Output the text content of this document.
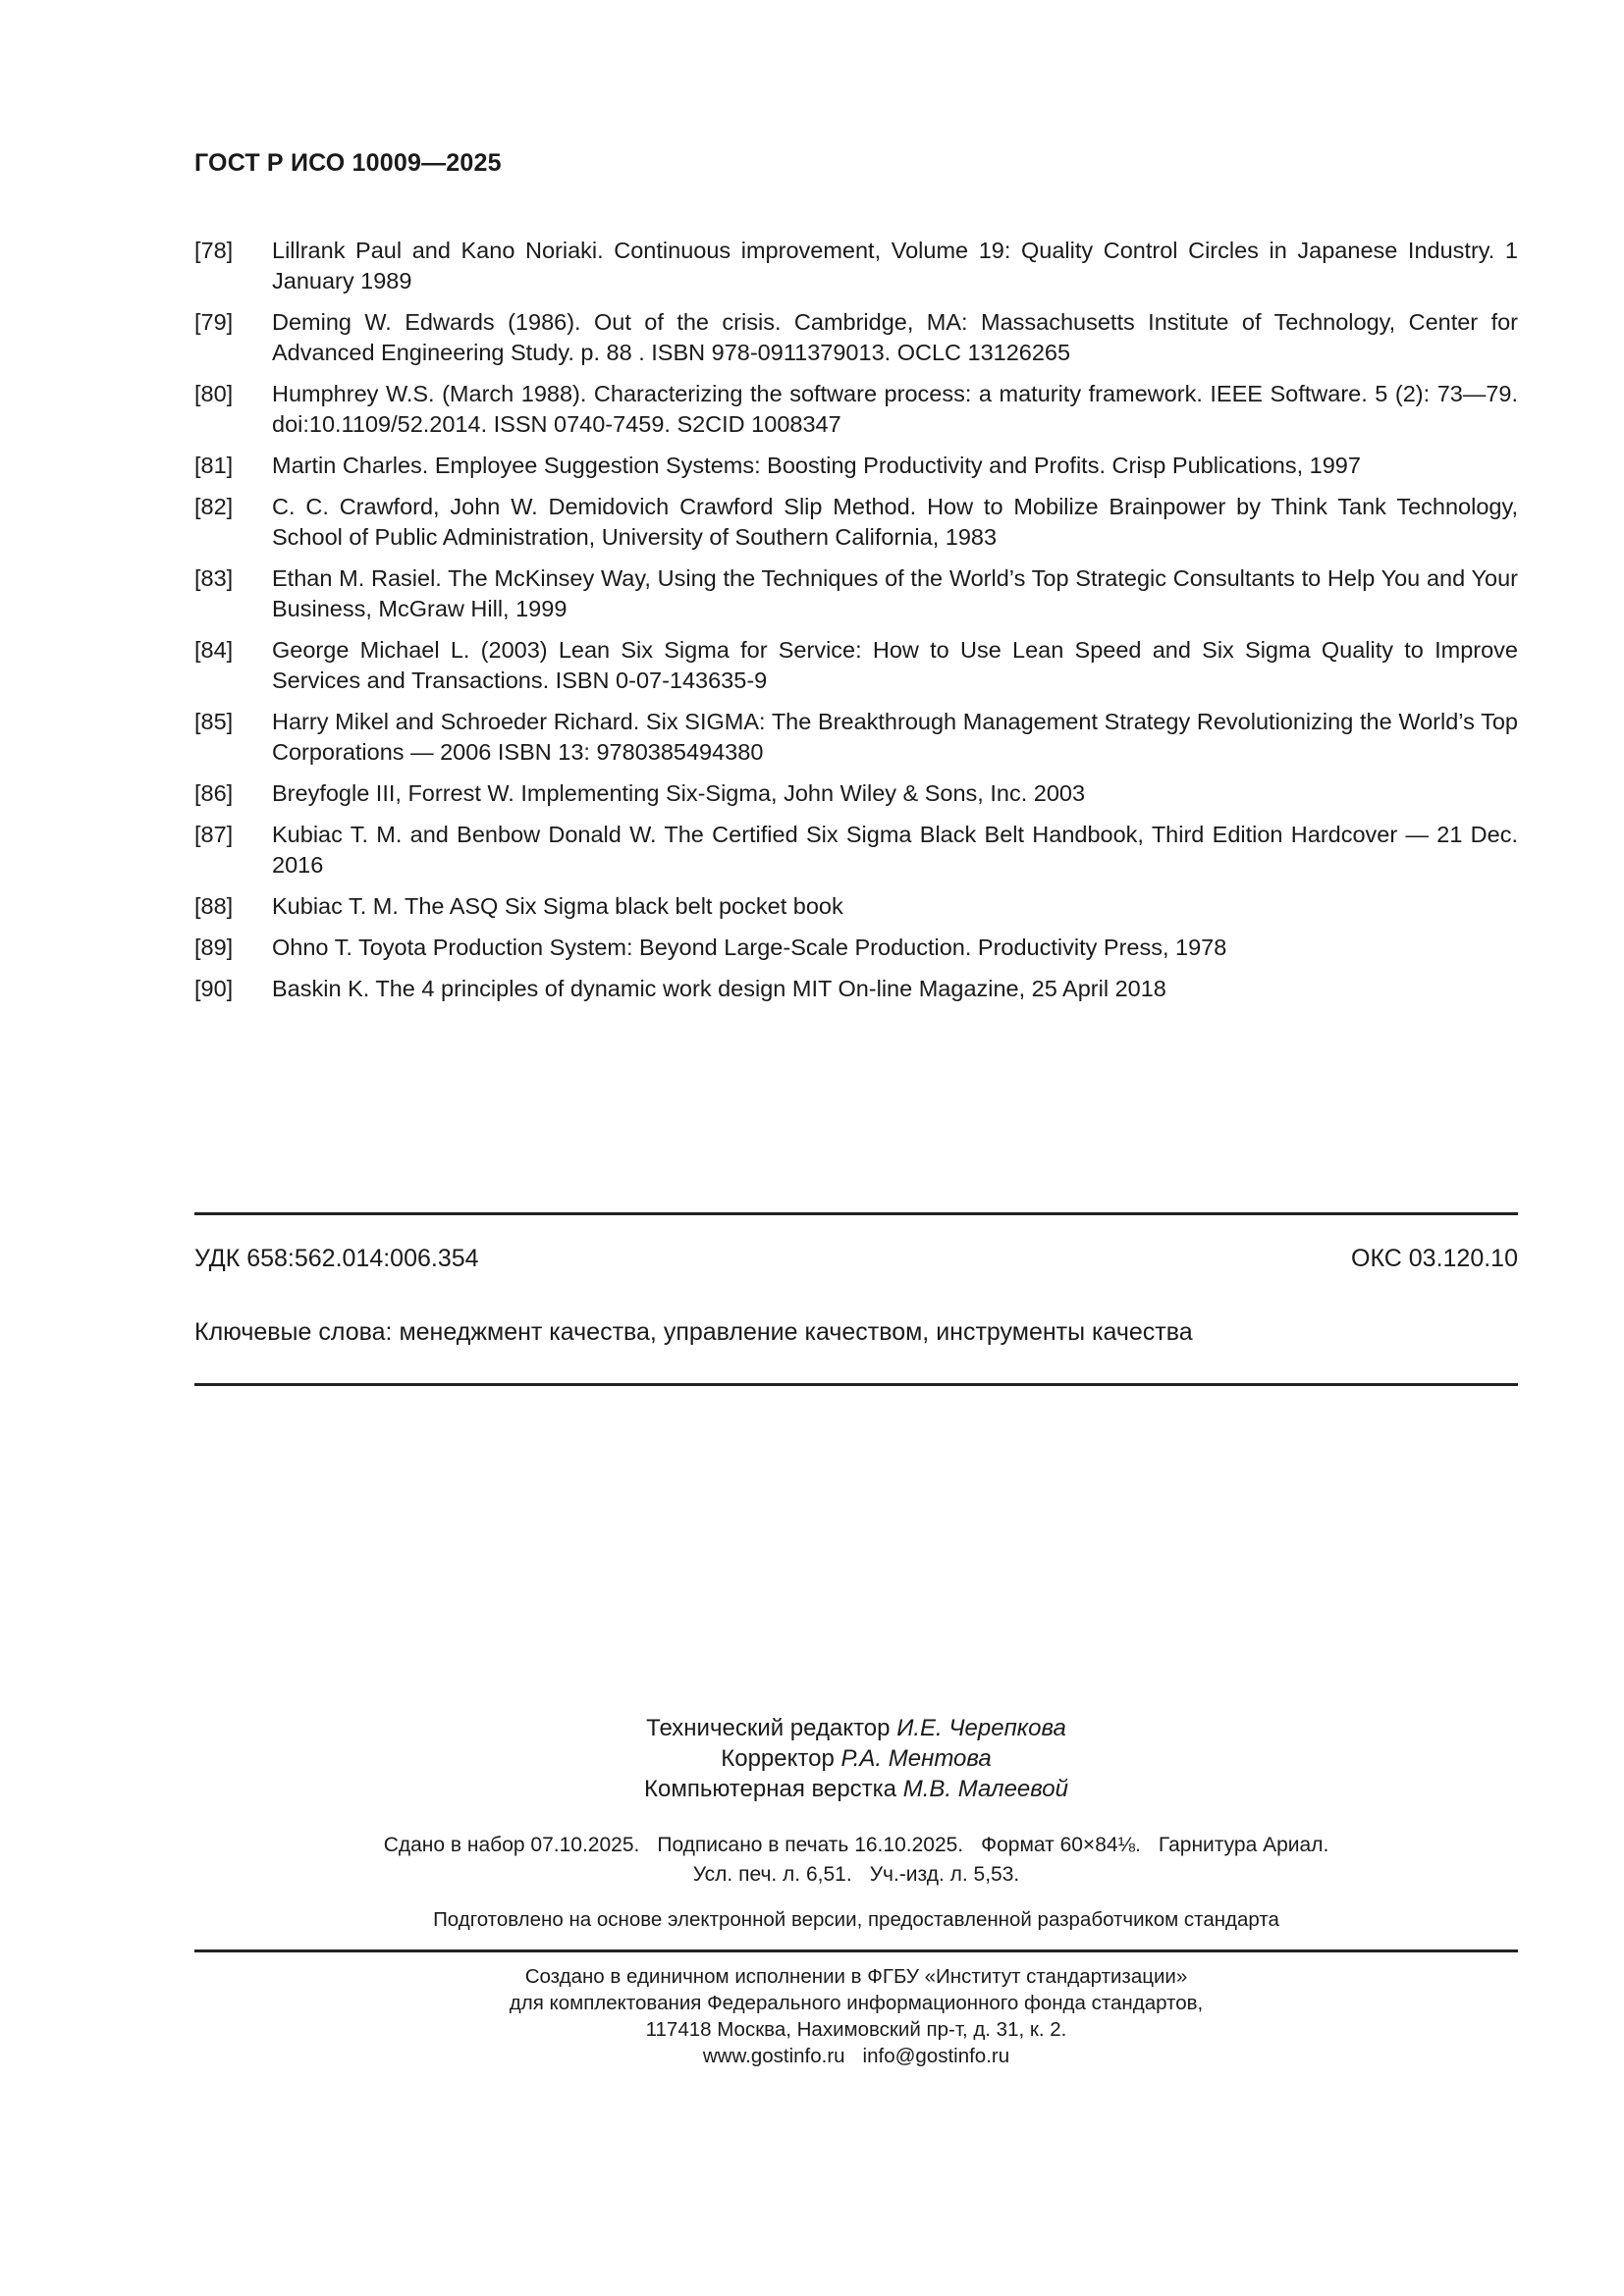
ГОСТ Р ИСО 10009—2025
[78] Lillrank Paul and Kano Noriaki. Continuous improvement, Volume 19: Quality Control Circles in Japanese Industry. 1 January 1989
[79] Deming W. Edwards (1986). Out of the crisis. Cambridge, MA: Massachusetts Institute of Technology, Center for Advanced Engineering Study. p. 88 . ISBN 978-0911379013. OCLC 13126265
[80] Humphrey W.S. (March 1988). Characterizing the software process: a maturity framework. IEEE Software. 5 (2): 73—79. doi:10.1109/52.2014. ISSN 0740-7459. S2CID 1008347
[81] Martin Charles. Employee Suggestion Systems: Boosting Productivity and Profits. Crisp Publications, 1997
[82] C. C. Crawford, John W. Demidovich Crawford Slip Method. How to Mobilize Brainpower by Think Tank Technology, School of Public Administration, University of Southern California, 1983
[83] Ethan M. Rasiel. The McKinsey Way, Using the Techniques of the World’s Top Strategic Consultants to Help You and Your Business, McGraw Hill, 1999
[84] George Michael L. (2003) Lean Six Sigma for Service: How to Use Lean Speed and Six Sigma Quality to Improve Services and Transactions. ISBN 0-07-143635-9
[85] Harry Mikel and Schroeder Richard. Six SIGMA: The Breakthrough Management Strategy Revolutionizing the World’s Top Corporations — 2006 ISBN 13: 9780385494380
[86] Breyfogle III, Forrest W. Implementing Six-Sigma, John Wiley & Sons, Inc. 2003
[87] Kubiac T. M. and Benbow Donald W. The Certified Six Sigma Black Belt Handbook, Third Edition Hardcover — 21 Dec. 2016
[88] Kubiac T. M. The ASQ Six Sigma black belt pocket book
[89] Ohno T. Toyota Production System: Beyond Large-Scale Production. Productivity Press, 1978
[90] Baskin K. The 4 principles of dynamic work design MIT On-line Magazine, 25 April 2018
УДК 658:562.014:006.354	ОКС 03.120.10
Ключевые слова: менеджмент качества, управление качеством, инструменты качества
Технический редактор И.Е. Черепкова
Корректор Р.А. Ментова
Компьютерная верстка М.В. Малеевой
Сдано в набор 07.10.2025. Подписано в печать 16.10.2025. Формат 60×84⅛. Гарнитура Ариал.
Усл. печ. л. 6,51. Уч.-изд. л. 5,53.
Подготовлено на основе электронной версии, предоставленной разработчиком стандарта
Создано в единичном исполнении в ФГБУ «Институт стандартизации»
для комплектования Федерального информационного фонда стандартов,
117418 Москва, Нахимовский пр-т, д. 31, к. 2.
www.gostinfo.ru info@gostinfo.ru
